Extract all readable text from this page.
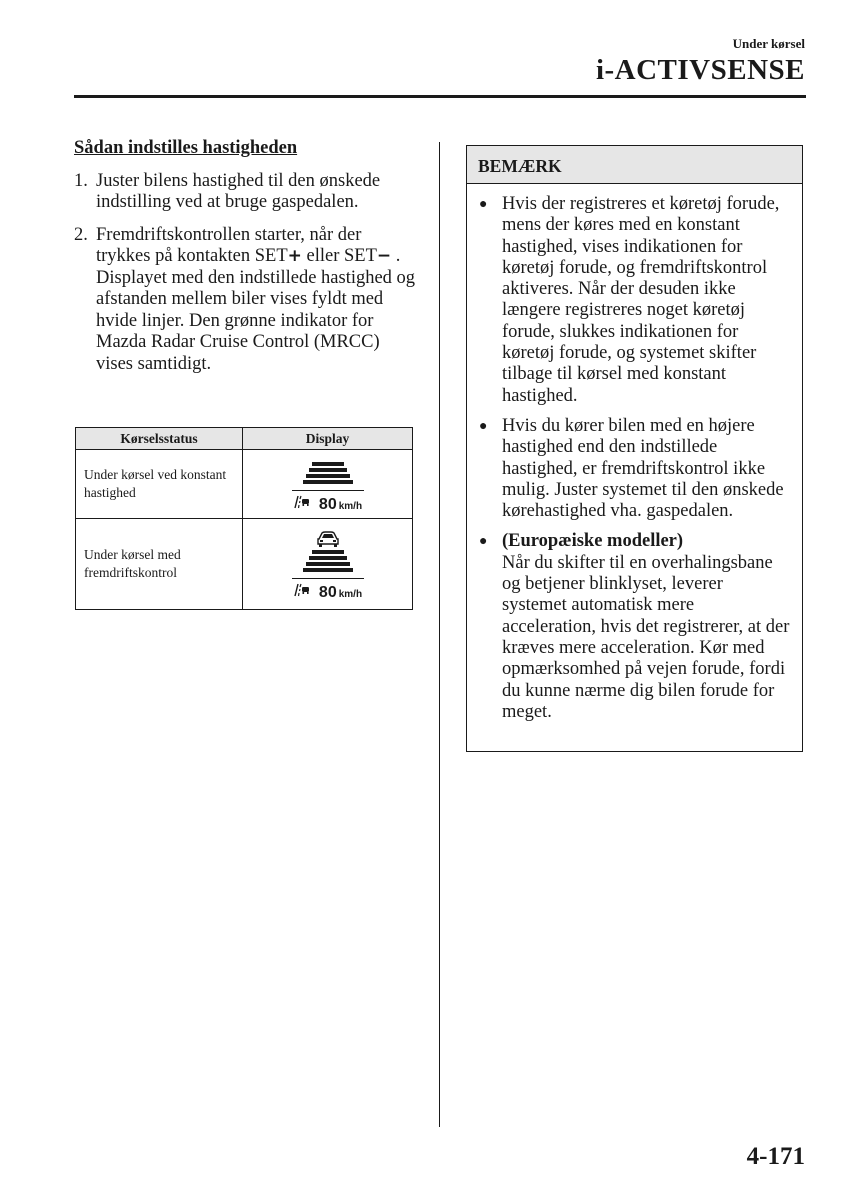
Under kørsel
i-ACTIVSENSE
Sådan indstilles hastigheden
1. Juster bilens hastighed til den ønskede indstilling ved at bruge gaspedalen.
2. Fremdriftskontrollen starter, når der trykkes på kontakten SET+ eller SET− . Displayet med den indstillede hastighed og afstanden mellem biler vises fyldt med hvide linjer. Den grønne indikator for Mazda Radar Cruise Control (MRCC) vises samtidigt.
Kørselsstatus	Display
Under kørsel ved konstant hastighed	80 km/h

Under kørsel med fremdriftskontrol	80 km/h
BEMÆRK
● Hvis der registreres et køretøj forude, mens der køres med en konstant hastighed, vises indikationen for køretøj forude, og fremdriftskontrol aktiveres. Når der desuden ikke længere registreres noget køretøj forude, slukkes indikationen for køretøj forude, og systemet skifter tilbage til kørsel med konstant hastighed.
● Hvis du kører bilen med en højere hastighed end den indstillede hastighed, er fremdriftskontrol ikke mulig. Juster systemet til den ønskede kørehastighed vha. gaspedalen.
● (Europæiske modeller)
Når du skifter til en overhalingsbane og betjener blinklyset, leverer systemet automatisk mere acceleration, hvis det registrerer, at der kræves mere acceleration. Kør med opmærksomhed på vejen forude, fordi du kunne nærme dig bilen forude for meget.
4-171
